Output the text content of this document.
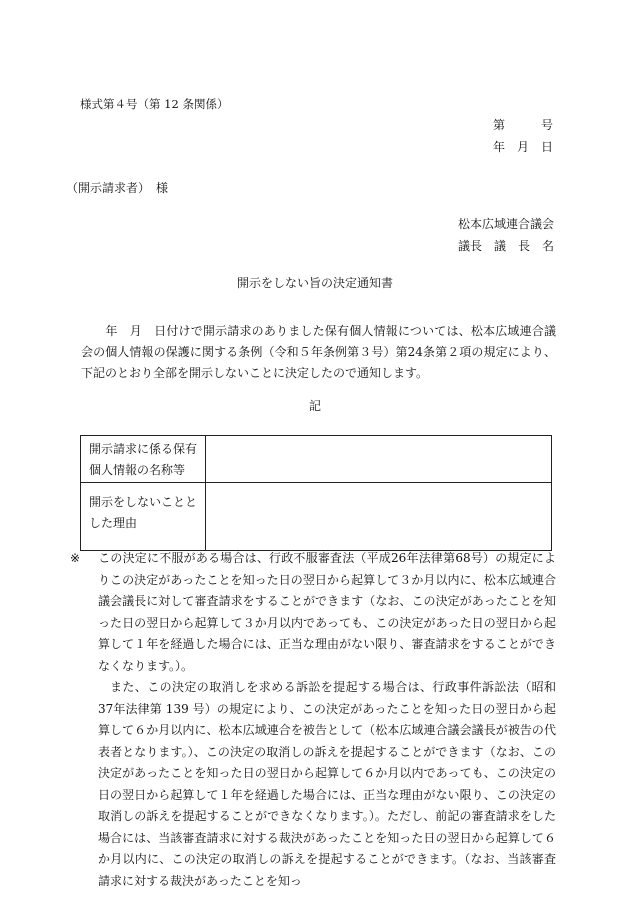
様式第４号（第 12 条関係）
第　　　号
年　月　日
（開示請求者）　様
松本広域連合議会
議長　議　長　名
開示をしない旨の決定通知書
　　年　月　日付けで開示請求のありました保有個人情報については、松本広域連合議会の個人情報の保護に関する条例（令和５年条例第３号）第24条第２項の規定により、下記のとおり全部を開示しないことに決定したので通知します。
記
開示請求に係る保有個人情報の名称等	
開示をしないこととした理由	

※ この決定に不服がある場合は、行政不服審査法（平成26年法律第68号）の規定によりこの決定があったことを知った日の翌日から起算して３か月以内に、松本広域連合議会議長に対して審査請求をすることができます（なお、この決定があったことを知った日の翌日から起算して３か月以内であっても、この決定があった日の翌日から起算して１年を経過した場合には、正当な理由がない限り、審査請求をすることができなくなります。）。

また、この決定の取消しを求める訴訟を提起する場合は、行政事件訴訟法（昭和37年法律第 139 号）の規定により、この決定があったことを知った日の翌日から起算して６か月以内に、松本広域連合を被告として（松本広域連合議会議長が被告の代表者となります。）、この決定の取消しの訴えを提起することができます（なお、この決定があったことを知った日の翌日から起算して６か月以内であっても、この決定の日の翌日から起算して１年を経過した場合には、正当な理由がない限り、この決定の取消しの訴えを提起することができなくなります。）。ただし、前記の審査請求をした場合には、当該審査請求に対する裁決があったことを知った日の翌日から起算して６か月以内に、この決定の取消しの訴えを提起することができます。（なお、当該審査請求に対する裁決があったことを知っ
